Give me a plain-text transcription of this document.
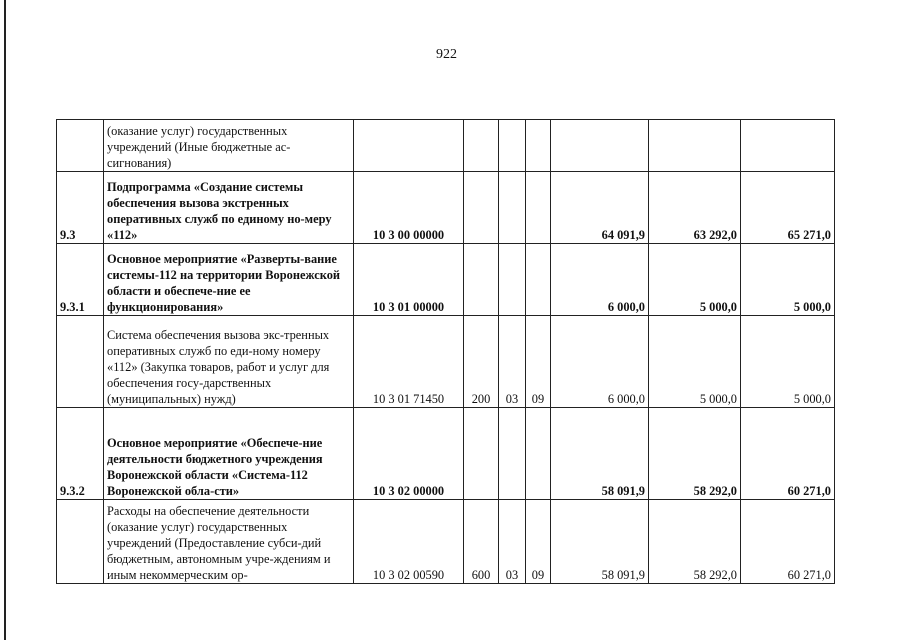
922
	(оказание услуг) государственных учреждений (Иные бюджетные ас-сигнования)							
9.3	Подпрограмма «Создание системы обеспечения вызова экстренных оперативных служб по единому но-меру «112»	10 3 00 00000				64 091,9	63 292,0	65 271,0
9.3.1	Основное мероприятие «Разверты-вание системы-112 на территории Воронежской области и обеспече-ние ее функционирования»	10 3 01 00000				6 000,0	5 000,0	5 000,0
	Система обеспечения вызова экс-тренных оперативных служб по еди-ному номеру «112» (Закупка товаров, работ и услуг для обеспечения госу-дарственных (муниципальных) нужд)	10 3 01 71450	200	03	09	6 000,0	5 000,0	5 000,0
9.3.2	Основное мероприятие «Обеспече-ние деятельности бюджетного учреждения Воронежской области «Система-112 Воронежской обла-сти»	10 3 02 00000				58 091,9	58 292,0	60 271,0
	Расходы на обеспечение деятельности (оказание услуг) государственных учреждений (Предоставление субси-дий бюджетным, автономным учре-ждениям и иным некоммерческим ор-	10 3 02 00590	600	03	09	58 091,9	58 292,0	60 271,0
